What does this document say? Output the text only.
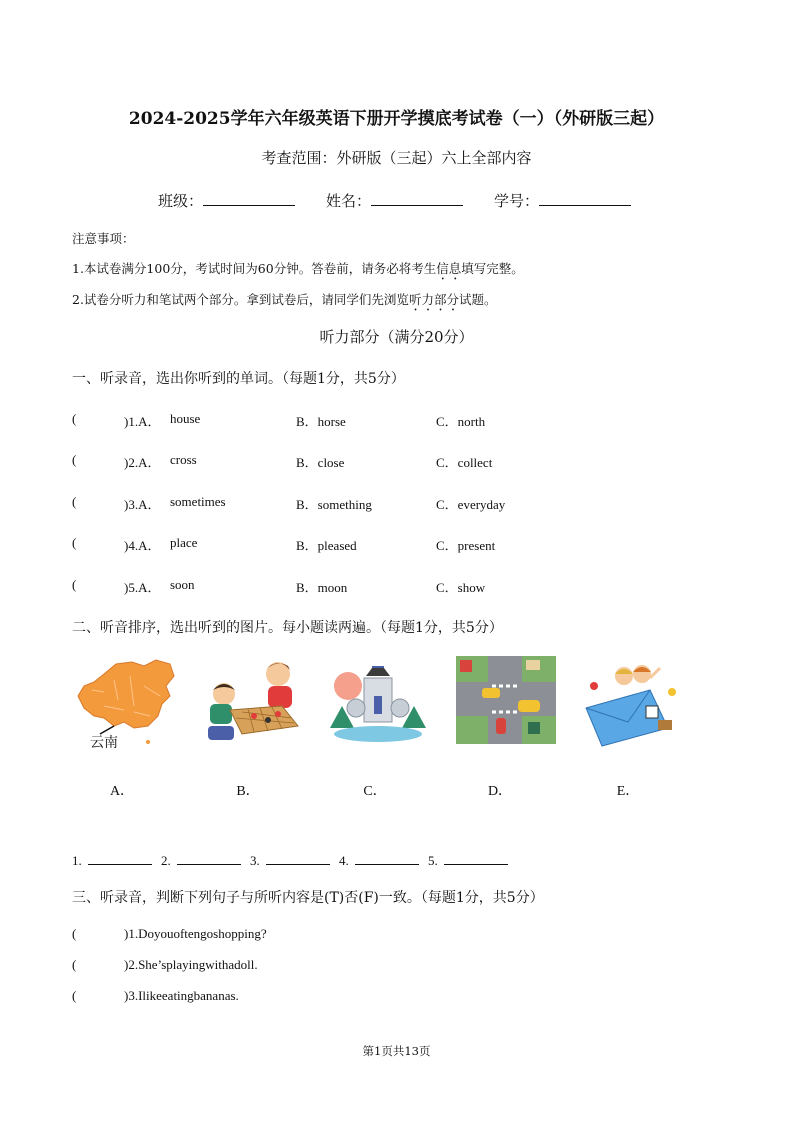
2024-2025学年六年级英语下册开学摸底考试卷（一）（外研版三起）
考查范围：外研版（三起）六上全部内容
班级：	姓名：	学号：
注意事项：
1.本试卷满分100分，考试时间为60分钟。答卷前，请务必将考生信息填写完整。
2.试卷分听力和笔试两个部分。拿到试卷后，请同学们先浏览听力部分试题。
听力部分（满分20分）
一、听录音，选出你听到的单词。（每题1分，共5分）
(	)1.A． house	B．horse	C．north
(	)2.A． cross	B．close	C．collect
(	)3.A． sometimes	B．something	C．everyday
(	)4.A． place	B．pleased	C．present
(	)5.A． soon	B．moon	C．show
二、听音排序，选出听到的图片。每小题读两遍。（每题1分，共5分）
云南
A．	B．	C．	D．	E．
1.	2.	3.	4.	5.
三、听录音，判断下列句子与所听内容是(T)否(F)一致。（每题1分，共5分）
(	)1.Doyouoftengoshopping?
(	)2.She’splayingwithadoll.
(	)3.Ilikeeatingbananas.
第1页共13页
